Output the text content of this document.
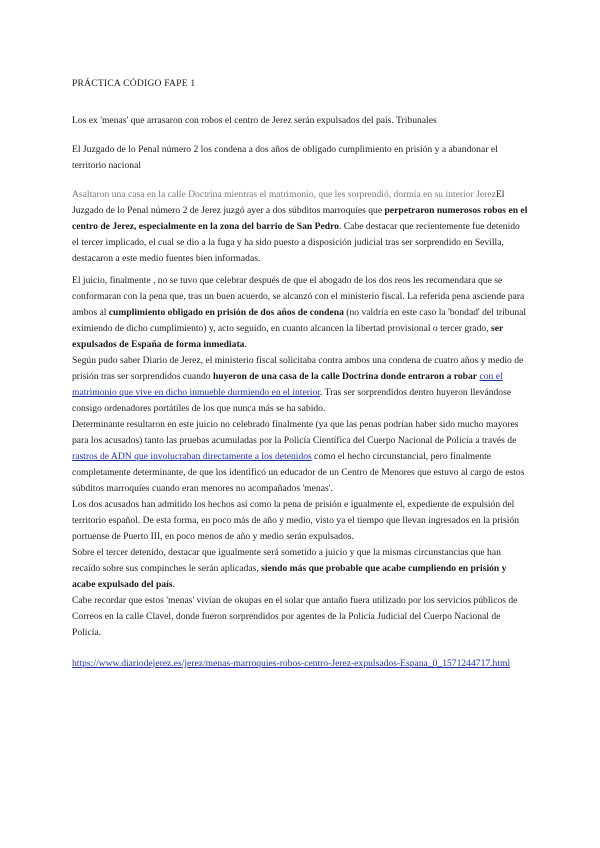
PRÁCTICA CÓDIGO FAPE 1

Los ex 'menas' que arrasaron con robos el centro de Jerez serán expulsados del país. Tribunales

El Juzgado de lo Penal número 2 los condena a dos años de obligado cumplimiento en prisión y a abandonar el territorio nacional

Asaltaron una casa en la calle Doctrina mientras el matrimonio, que les sorprendió, dormía en su interior JerezEl Juzgado de lo Penal número 2 de Jerez juzgó ayer a dos súbditos marroquíes que perpetraron numerosos robos en el centro de Jerez, especialmente en la zona del barrio de San Pedro. Cabe destacar que recientemente fue detenido el tercer implicado, el cual se dio a la fuga y ha sido puesto a disposición judicial tras ser sorprendido en Sevilla, destacaron a este medio fuentes bien informadas.

El juicio, finalmente , no se tuvo que celebrar después de que el abogado de los dos reos les recomendara que se conformaran con la pena que, tras un buen acuerdo, se alcanzó con el ministerio fiscal. La referida pena asciende para ambos al cumplimiento obligado en prisión de dos años de condena (no valdría en este caso la 'bondad' del tribunal eximiendo de dicho cumplimiento) y, acto seguido, en cuanto alcancen la libertad provisional o tercer grado, ser expulsados de España de forma inmediata.

Según pudo saber Diario de Jerez, el ministerio fiscal solicitaba contra ambos una condena de cuatro años y medio de prisión tras ser sorprendidos cuando huyeron de una casa de la calle Doctrina donde entraron a robar con el matrimonio que vive en dicho inmueble durmiendo en el interior. Tras ser sorprendidos dentro huyeron llevándose consigo ordenadores portátiles de los que nunca más se ha sabido.

Determinante resultaron en este juicio no celebrado finalmente (ya que las penas podrían haber sido mucho mayores para los acusados) tanto las pruebas acumuladas por la Policía Científica del Cuerpo Nacional de Policía a través de rastros de ADN que involucraban directamente a los detenidos como el hecho circunstancial, pero finalmente completamente determinante, de que los identificó un educador de un Centro de Menores que estuvo al cargo de estos súbditos marroquíes cuando eran menores no acompañados 'menas'.

Los dos acusados han admitido los hechos así como la pena de prisión e igualmente el, expediente de expulsión del territorio español. De esta forma, en poco más de año y medio, visto ya el tiempo que llevan ingresados en la prisión portuense de Puerto III, en poco menos de año y medio serán expulsados.

Sobre el tercer detenido, destacar que igualmente será sometido a juicio y que la mismas circunstancias que han recaído sobre sus compinches le serán aplicadas, siendo más que probable que acabe cumpliendo en prisión y acabe expulsado del país.

Cabe recordar que estos 'menas' vivían de okupas en el solar que antaño fuera utilizado por los servicios públicos de Correos en la calle Clavel, donde fueron sorprendidos por agentes de la Policía Judicial del Cuerpo Nacional de Policía.

https://www.diariodejerez.es/jerez/menas-marroquies-robos-centro-Jerez-expulsados-Espana_0_1571244717.html
